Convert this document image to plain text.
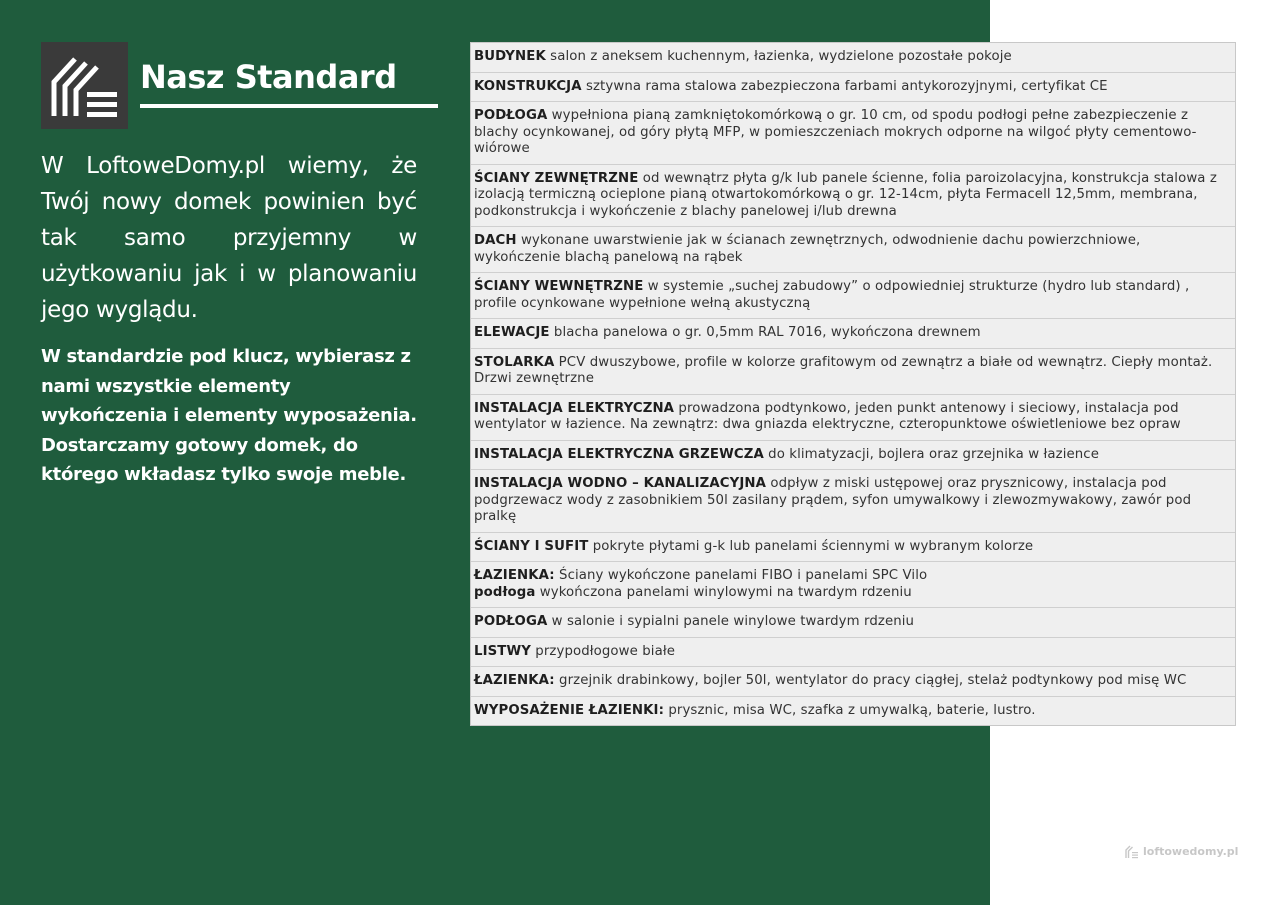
Nasz Standard

W LoftoweDomy.pl wiemy, że Twój nowy domek powinien być tak samo przyjemny w użytkowaniu jak i w planowaniu jego wyglądu.

W standardzie pod klucz, wybierasz z nami wszystkie elementy wykończenia i elementy wyposażenia. Dostarczamy gotowy domek, do którego wkładasz tylko swoje meble.

BUDYNEK salon z aneksem kuchennym, łazienka, wydzielone pozostałe pokoje
KONSTRUKCJA sztywna rama stalowa zabezpieczona farbami antykorozyjnymi, certyfikat CE
PODŁOGA wypełniona pianą zamkniętokomórkową o gr. 10 cm, od spodu podłogi pełne zabezpieczenie z blachy ocynkowanej, od góry płytą MFP, w pomieszczeniach mokrych odporne na wilgoć płyty cementowo-wiórowe
ŚCIANY ZEWNĘTRZNE od wewnątrz płyta g/k lub panele ścienne, folia paroizolacyjna, konstrukcja stalowa z izolacją termiczną ocieplone pianą otwartokomórkową o gr. 12-14cm, płyta Fermacell 12,5mm, membrana, podkonstrukcja i wykończenie z blachy panelowej i/lub drewna
DACH wykonane uwarstwienie jak w ścianach zewnętrznych, odwodnienie dachu powierzchniowe, wykończenie blachą panelową na rąbek
ŚCIANY WEWNĘTRZNE w systemie „suchej zabudowy” o odpowiedniej strukturze (hydro lub standard) , profile ocynkowane wypełnione wełną akustyczną
ELEWACJE blacha panelowa o gr. 0,5mm RAL 7016, wykończona drewnem
STOLARKA PCV dwuszybowe, profile w kolorze grafitowym od zewnątrz a białe od wewnątrz. Ciepły montaż. Drzwi zewnętrzne
INSTALACJA ELEKTRYCZNA prowadzona podtynkowo, jeden punkt antenowy i sieciowy, instalacja pod wentylator w łazience. Na zewnątrz: dwa gniazda elektryczne, czteropunktowe oświetleniowe bez opraw
INSTALACJA ELEKTRYCZNA GRZEWCZA do klimatyzacji, bojlera oraz grzejnika w łazience
INSTALACJA WODNO – KANALIZACYJNA odpływ z miski ustępowej oraz prysznicowy, instalacja pod podgrzewacz wody z zasobnikiem 50l zasilany prądem, syfon umywalkowy i zlewozmywakowy, zawór pod pralkę
ŚCIANY I SUFIT pokryte płytami g-k lub panelami ściennymi w wybranym kolorze
ŁAZIENKA: Ściany wykończone panelami FIBO i panelami SPC Vilo
podłoga wykończona panelami winylowymi na twardym rdzeniu
PODŁOGA w salonie i sypialni panele winylowe twardym rdzeniu
LISTWY przypodłogowe białe
ŁAZIENKA: grzejnik drabinkowy, bojler 50l, wentylator do pracy ciągłej, stelaż podtynkowy pod misę WC
WYPOSAŻENIE ŁAZIENKI: prysznic, misa WC, szafka z umywalką, baterie, lustro.
loftowedomy.pl
